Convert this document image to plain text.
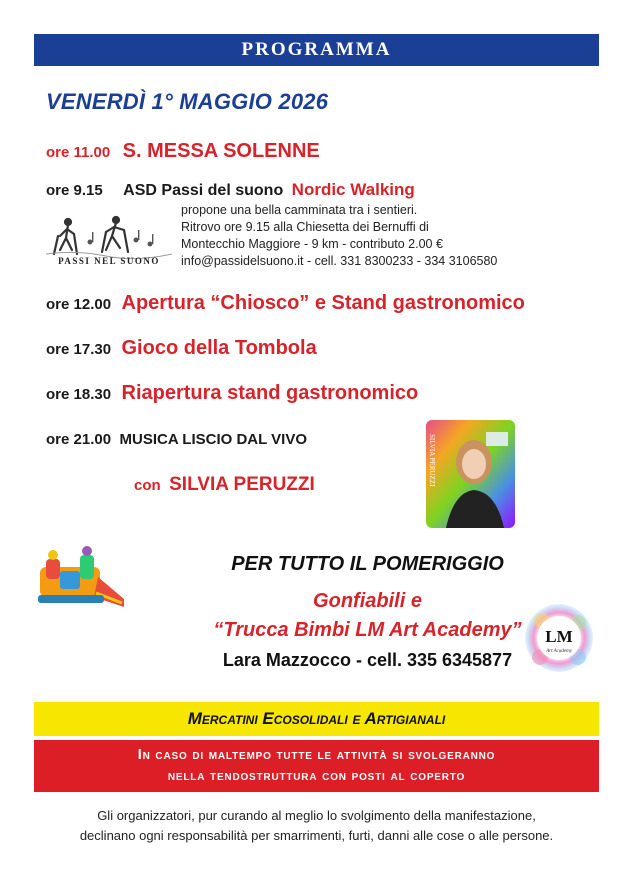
PROGRAMMA
VENERDÌ 1° MAGGIO 2026
ore 11.00 S. MESSA SOLENNE
ore 9.15 ASD Passi del suono Nordic Walking
propone una bella camminata tra i sentieri.
Ritrovo ore 9.15 alla Chiesetta dei Bernuffi di
Montecchio Maggiore - 9 km - contributo 2.00 €
info@passidelsuono.it - cell. 331 8300233 - 334 3106580
PASSI NEL SUONO
ore 12.00 Apertura “Chiosco” e Stand gastronomico
ore 17.30 Gioco della Tombola
ore 18.30 Riapertura stand gastronomico
ore 21.00 MUSICA LISCIO DAL VIVO
con SILVIA PERUZZI	SILVIA PERUZZI
PER TUTTO IL POMERIGGIO
Gonfiabili e
“Trucca Bimbi LM Art Academy”
Lara Mazzocco - cell. 335 6345877
LM
Art Academy
Mercatini Ecosolidali e Artigianali
In caso di maltempo tutte le attività si svolgeranno
nella tendostruttura con posti al coperto
Gli organizzatori, pur curando al meglio lo svolgimento della manifestazione,
declinano ogni responsabilità per smarrimenti, furti, danni alle cose o alle persone.
